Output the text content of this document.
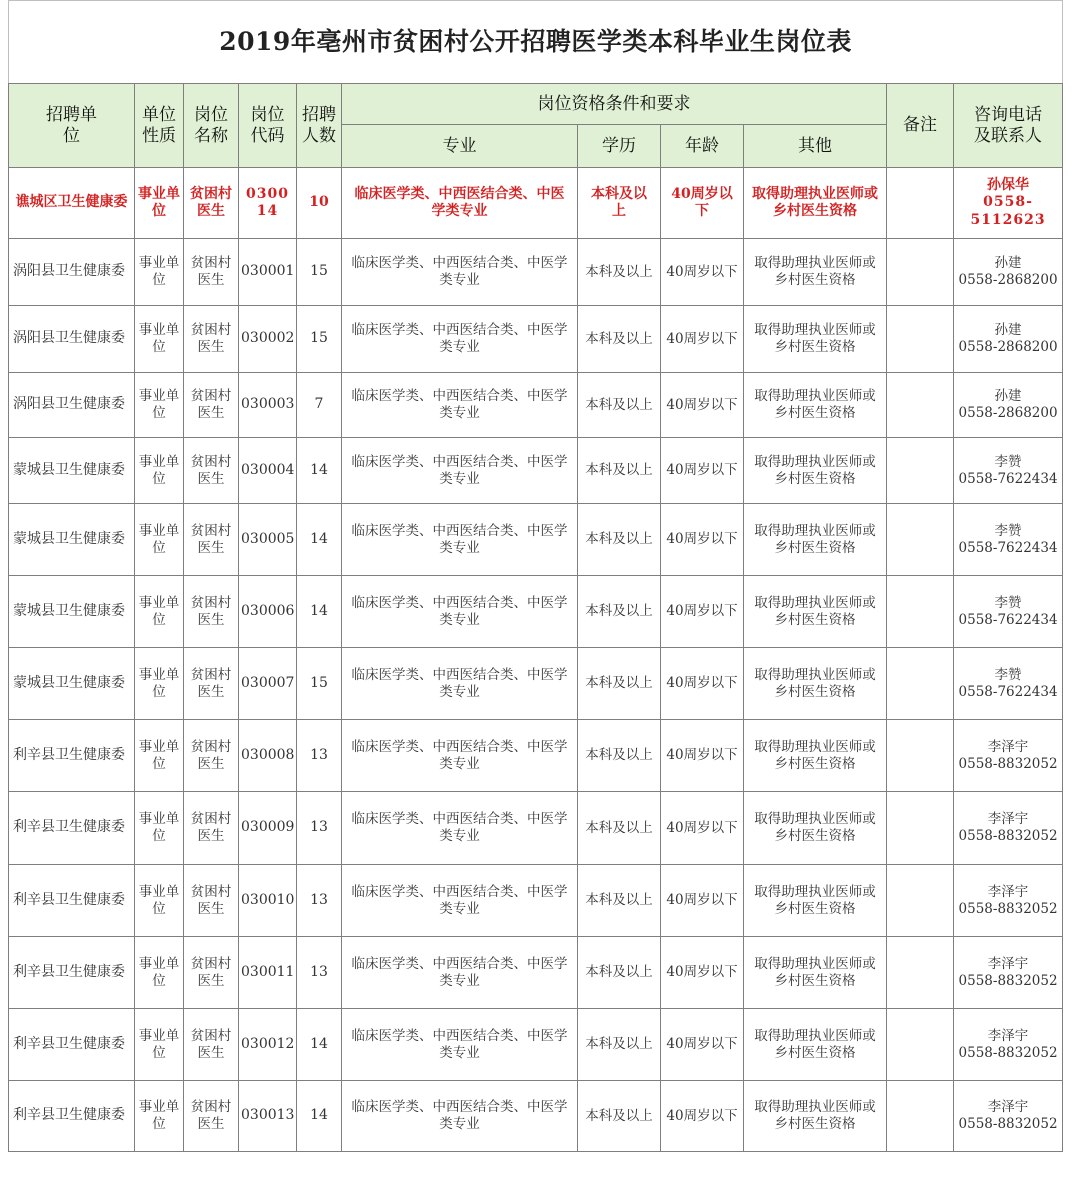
2019年亳州市贫困村公开招聘医学类本科毕业生岗位表										
招聘单位	单位性质	岗位名称	岗位代码	招聘人数	岗位资格条件和要求				备注	咨询电话及联系人
					专业	学历	年龄	其他		
谯城区卫生健康委	事业单位	贫困村医生	030014	10	临床医学类、中西医结合类、中医学类专业	本科及以上	40周岁以下	取得助理执业医师或乡村医生资格		孙保华
0558-5112623

涡阳县卫生健康委	事业单位	贫困村医生	030001	15	临床医学类、中西医结合类、中医学类专业	本科及以上	40周岁以下	取得助理执业医师或乡村医生资格		孙建
0558-2868200

涡阳县卫生健康委	事业单位	贫困村医生	030002	15	临床医学类、中西医结合类、中医学类专业	本科及以上	40周岁以下	取得助理执业医师或乡村医生资格		孙建
0558-2868200

涡阳县卫生健康委	事业单位	贫困村医生	030003	7	临床医学类、中西医结合类、中医学类专业	本科及以上	40周岁以下	取得助理执业医师或乡村医生资格		孙建
0558-2868200

蒙城县卫生健康委	事业单位	贫困村医生	030004	14	临床医学类、中西医结合类、中医学类专业	本科及以上	40周岁以下	取得助理执业医师或乡村医生资格		李赞
0558-7622434

蒙城县卫生健康委	事业单位	贫困村医生	030005	14	临床医学类、中西医结合类、中医学类专业	本科及以上	40周岁以下	取得助理执业医师或乡村医生资格		李赞
0558-7622434

蒙城县卫生健康委	事业单位	贫困村医生	030006	14	临床医学类、中西医结合类、中医学类专业	本科及以上	40周岁以下	取得助理执业医师或乡村医生资格		李赞
0558-7622434

蒙城县卫生健康委	事业单位	贫困村医生	030007	15	临床医学类、中西医结合类、中医学类专业	本科及以上	40周岁以下	取得助理执业医师或乡村医生资格		李赞
0558-7622434

利辛县卫生健康委	事业单位	贫困村医生	030008	13	临床医学类、中西医结合类、中医学类专业	本科及以上	40周岁以下	取得助理执业医师或乡村医生资格		李泽宇
0558-8832052

利辛县卫生健康委	事业单位	贫困村医生	030009	13	临床医学类、中西医结合类、中医学类专业	本科及以上	40周岁以下	取得助理执业医师或乡村医生资格		李泽宇
0558-8832052

利辛县卫生健康委	事业单位	贫困村医生	030010	13	临床医学类、中西医结合类、中医学类专业	本科及以上	40周岁以下	取得助理执业医师或乡村医生资格		李泽宇
0558-8832052

利辛县卫生健康委	事业单位	贫困村医生	030011	13	临床医学类、中西医结合类、中医学类专业	本科及以上	40周岁以下	取得助理执业医师或乡村医生资格		李泽宇
0558-8832052

利辛县卫生健康委	事业单位	贫困村医生	030012	14	临床医学类、中西医结合类、中医学类专业	本科及以上	40周岁以下	取得助理执业医师或乡村医生资格		李泽宇
0558-8832052

利辛县卫生健康委	事业单位	贫困村医生	030013	14	临床医学类、中西医结合类、中医学类专业	本科及以上	40周岁以下	取得助理执业医师或乡村医生资格		李泽宇
0558-8832052
